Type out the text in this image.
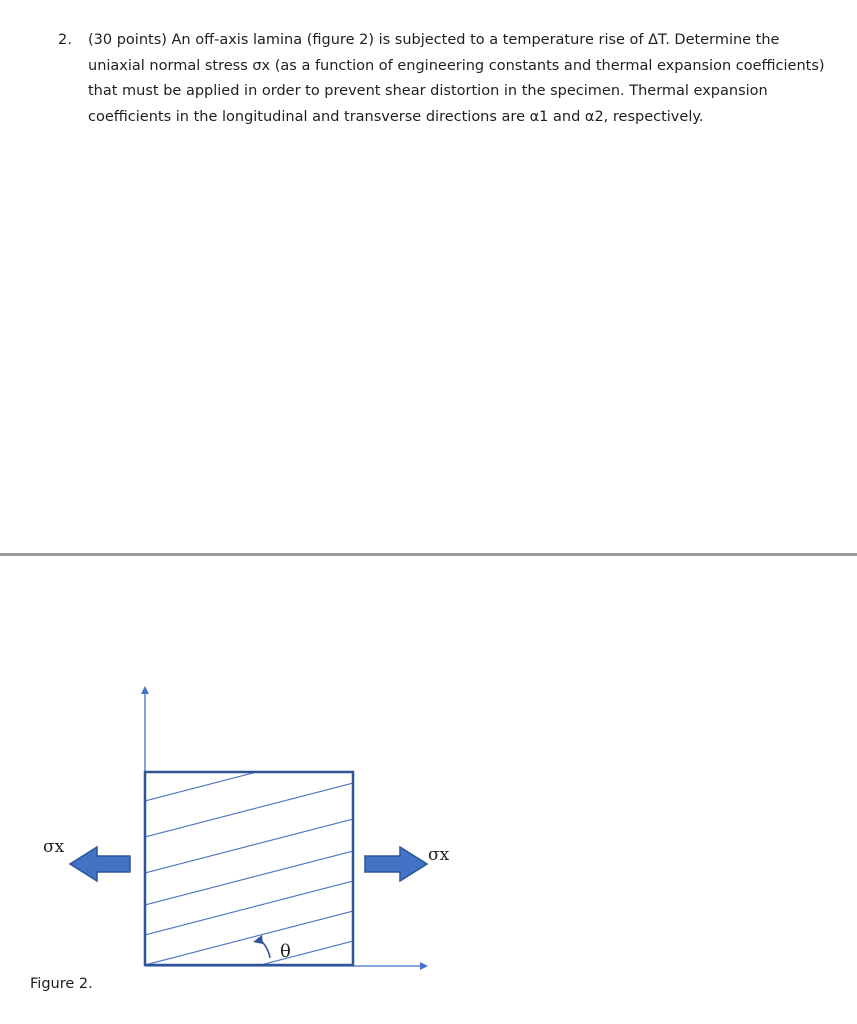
2. (30 points) An off-axis lamina (figure 2) is subjected to a temperature rise of ΔT. Determine the uniaxial normal stress σx (as a function of engineering constants and thermal expansion coefficients) that must be applied in order to prevent shear distortion in the specimen. Thermal expansion coefficients in the longitudinal and transverse directions are α1 and α2, respectively.
θ
σx	σx
Figure 2.
